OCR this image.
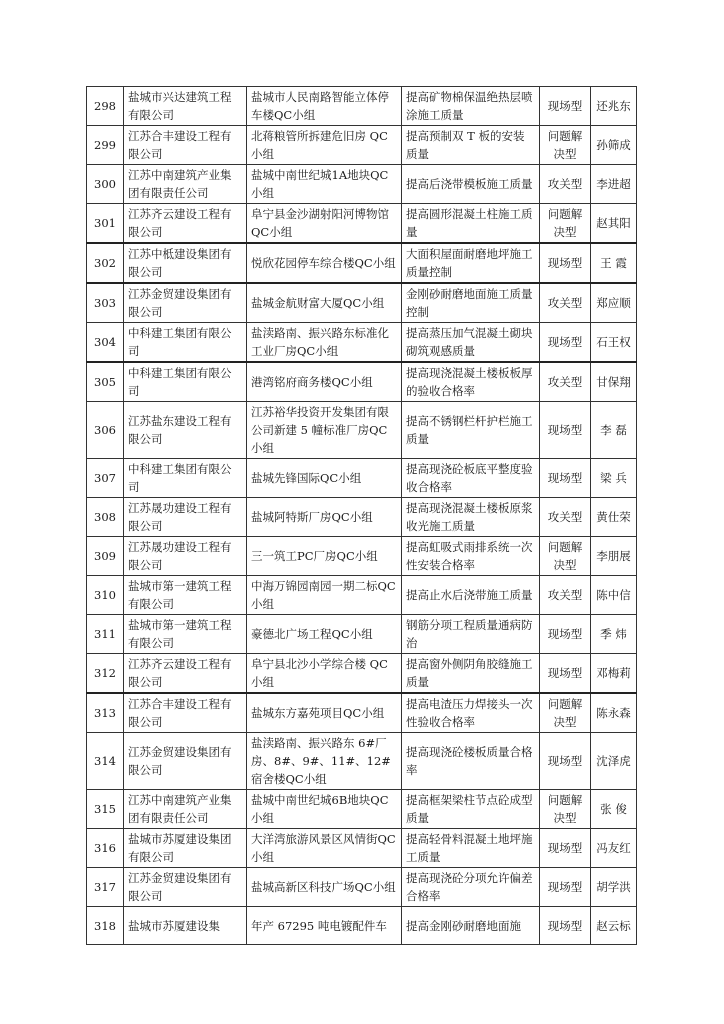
298	盐城市兴达建筑工程有限公司	盐城市人民南路智能立体停车楼QC小组	提高矿物棉保温绝热层喷涂施工质量	现场型	还兆东
299	江苏合丰建设工程有限公司	北蒋粮管所拆建危旧房 QC 小组	提高预制双 T 板的安装质量	问题解决型	孙筛成
300	江苏中南建筑产业集团有限责任公司	盐城中南世纪城1A地块QC小组	提高后浇带模板施工质量	攻关型	李进超
301	江苏齐云建设工程有限公司	阜宁县金沙湖射阳河博物馆QC小组	提高圆形混凝土柱施工质量	问题解决型	赵其阳
302	江苏中柢建设集团有限公司	悦欣花园停车综合楼QC小组	大面积屋面耐磨地坪施工质量控制	现场型	王 霞
303	江苏金贸建设集团有限公司	盐城金航财富大厦QC小组	金刚砂耐磨地面施工质量控制	攻关型	郑应顺
304	中科建工集团有限公司	盐渎路南、振兴路东标准化工业厂房QC小组	提高蒸压加气混凝土砌块砌筑观感质量	现场型	石王权
305	中科建工集团有限公司	港湾铭府商务楼QC小组	提高现浇混凝土楼板板厚的验收合格率	攻关型	甘保翔
306	江苏盐东建设工程有限公司	江苏裕华投资开发集团有限公司新建 5 幢标准厂房QC小组	提高不锈钢栏杆护栏施工质量	现场型	李 磊
307	中科建工集团有限公司	盐城先锋国际QC小组	提高现浇砼板底平整度验收合格率	现场型	梁 兵
308	江苏晟功建设工程有限公司	盐城阿特斯厂房QC小组	提高现浇混凝土楼板原浆收光施工质量	攻关型	黄仕荣
309	江苏晟功建设工程有限公司	三一筑工PC厂房QC小组	提高虹吸式雨排系统一次性安装合格率	问题解决型	李朋展
310	盐城市第一建筑工程有限公司	中海万锦园南园一期二标QC小组	提高止水后浇带施工质量	攻关型	陈中信
311	盐城市第一建筑工程有限公司	豪德北广场工程QC小组	钢筋分项工程质量通病防治	现场型	季 炜
312	江苏齐云建设工程有限公司	阜宁县北沙小学综合楼 QC小组	提高窗外侧阴角胶缝施工质量	现场型	邓梅莉
313	江苏合丰建设工程有限公司	盐城东方嘉苑项目QC小组	提高电渣压力焊接头一次性验收合格率	问题解决型	陈永森
314	江苏金贸建设集团有限公司	盐渎路南、振兴路东 6#厂房、8#、9#、11#、12#宿舍楼QC小组	提高现浇砼楼板质量合格率	现场型	沈泽虎
315	江苏中南建筑产业集团有限责任公司	盐城中南世纪城6B地块QC小组	提高框架梁柱节点砼成型质量	问题解决型	张 俊
316	盐城市苏厦建设集团有限公司	大洋湾旅游风景区风情街QC小组	提高轻骨料混凝土地坪施工质量	现场型	冯友红
317	江苏金贸建设集团有限公司	盐城高新区科技广场QC小组	提高现浇砼分项允许偏差合格率	现场型	胡学洪
318	盐城市苏厦建设集	年产 67295 吨电镀配件车	提高金刚砂耐磨地面施	现场型	赵云标
